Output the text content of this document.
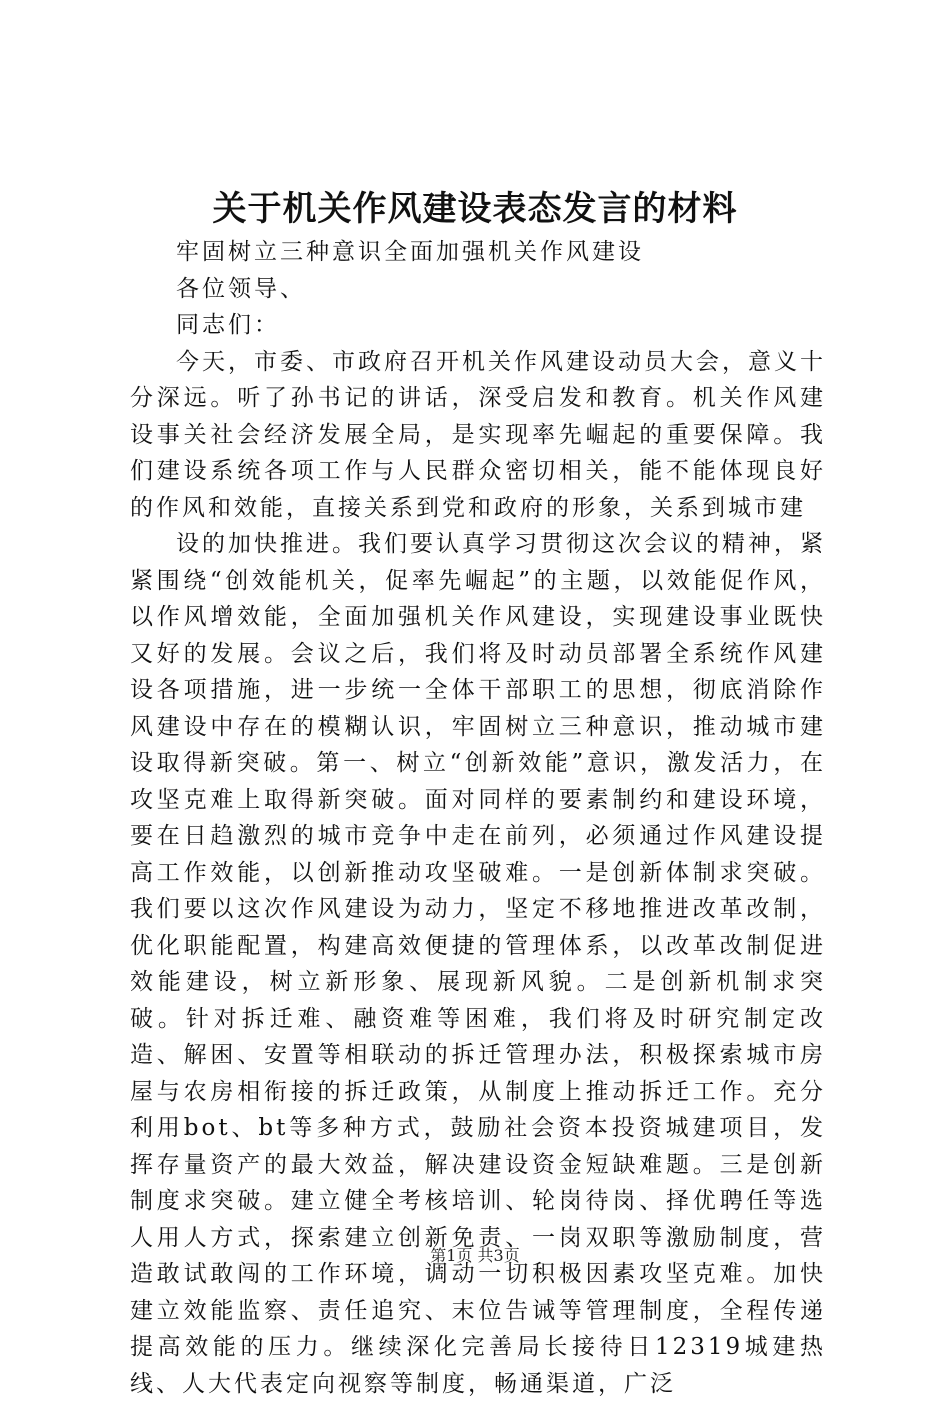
关于机关作风建设表态发言的材料

牢固树立三种意识全面加强机关作风建设

各位领导、

同志们：

今天，市委、市政府召开机关作风建设动员大会，意义十分深远。听了孙书记的讲话，深受启发和教育。机关作风建设事关社会经济发展全局，是实现率先崛起的重要保障。我们建设系统各项工作与人民群众密切相关，能不能体现良好的作风和效能，直接关系到党和政府的形象，关系到城市建

设的加快推进。我们要认真学习贯彻这次会议的精神，紧紧围绕“创效能机关，促率先崛起”的主题，以效能促作风，以作风增效能，全面加强机关作风建设，实现建设事业既快又好的发展。会议之后，我们将及时动员部署全系统作风建设各项措施，进一步统一全体干部职工的思想，彻底消除作风建设中存在的模糊认识，牢固树立三种意识，推动城市建设取得新突破。第一、树立“创新效能”意识，激发活力，在攻坚克难上取得新突破。面对同样的要素制约和建设环境，要在日趋激烈的城市竞争中走在前列，必须通过作风建设提高工作效能，以创新推动攻坚破难。一是创新体制求突破。我们要以这次作风建设为动力，坚定不移地推进改革改制，优化职能配置，构建高效便捷的管理体系，以改革改制促进效能建设，树立新形象、展现新风貌。二是创新机制求突破。针对拆迁难、融资难等困难，我们将及时研究制定改造、解困、安置等相联动的拆迁管理办法，积极探索城市房屋与农房相衔接的拆迁政策，从制度上推动拆迁工作。充分利用bot、bt等多种方式，鼓励社会资本投资城建项目，发挥存量资产的最大效益，解决建设资金短缺难题。三是创新制度求突破。建立健全考核培训、轮岗待岗、择优聘任等选人用人方式，探索建立创新免责、一岗双职等激励制度，营造敢试敢闯的工作环境，调动一切积极因素攻坚克难。加快建立效能监察、责任追究、末位告诫等管理制度，全程传递提高效能的压力。继续深化完善局长接待日12319城建热线、人大代表定向视察等制度，畅通渠道，广泛

第1页 共3页
